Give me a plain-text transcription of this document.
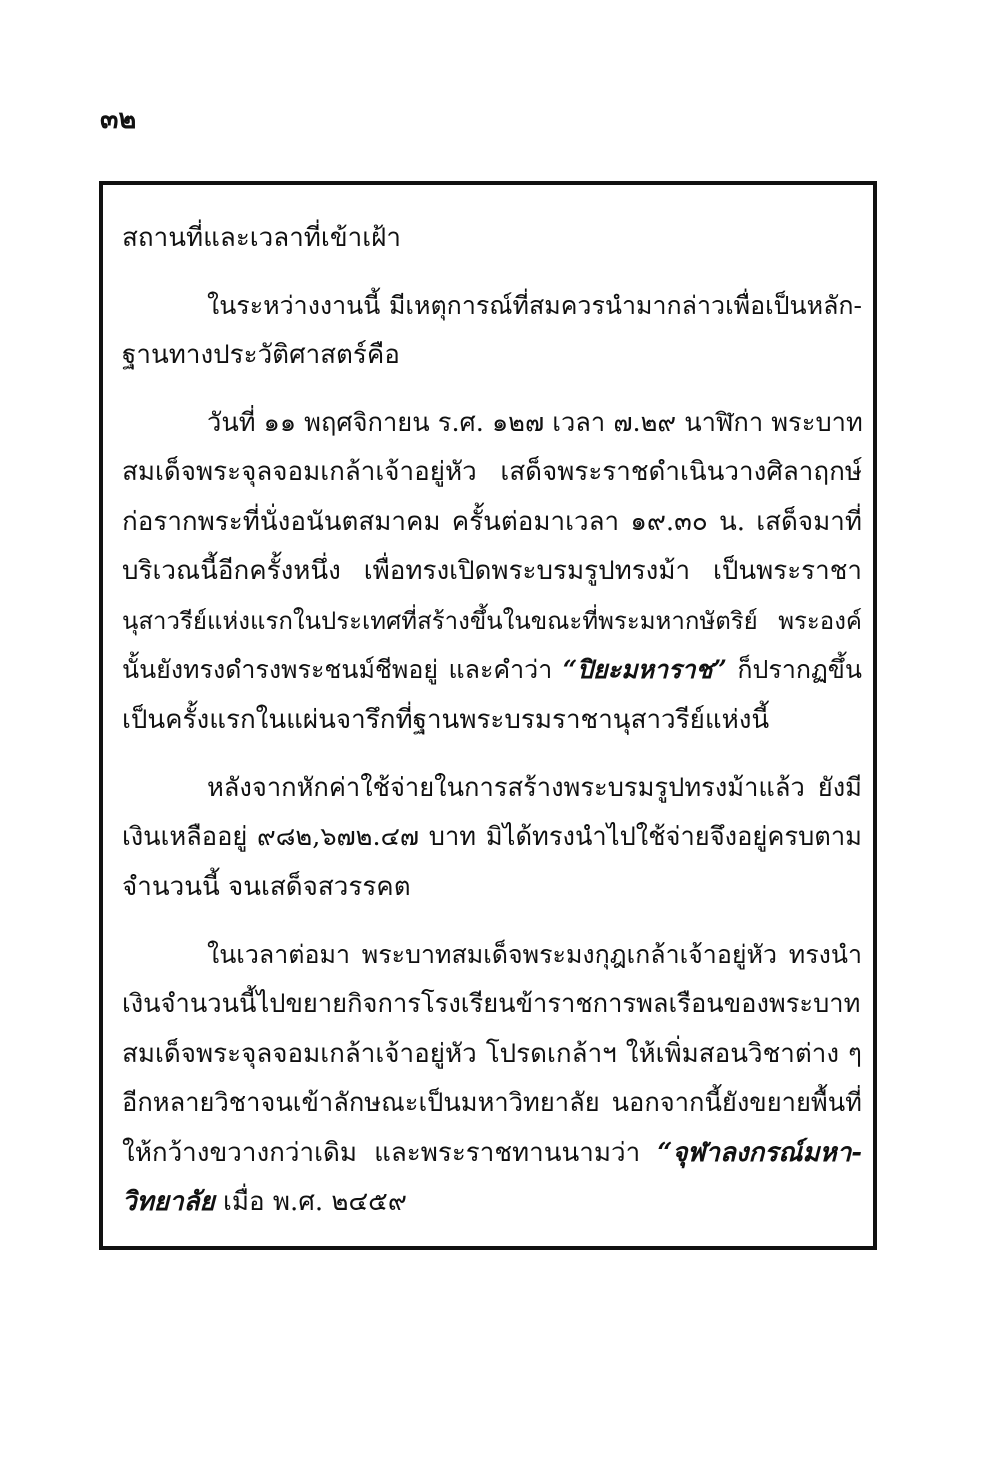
๓๒
สถานที่และเวลาที่เข้าเฝ้า
ในระหว่างงานนี้ มีเหตุการณ์ที่สมควรนำมากล่าวเพื่อเป็นหลัก-
ฐานทางประวัติศาสตร์คือ
วันที่ ๑๑ พฤศจิกายน ร.ศ. ๑๒๗ เวลา ๗.๒๙ นาฬิกา พระบาท
สมเด็จพระจุลจอมเกล้าเจ้าอยู่หัว เสด็จพระราชดำเนินวางศิลาฤกษ์
ก่อรากพระที่นั่งอนันตสมาคม ครั้นต่อมาเวลา ๑๙.๓๐ น. เสด็จมาที่
บริเวณนี้อีกครั้งหนึ่ง เพื่อทรงเปิดพระบรมรูปทรงม้า เป็นพระราชา
นุสาวรีย์แห่งแรกในประเทศที่สร้างขึ้นในขณะที่พระมหากษัตริย์ พระองค์
นั้นยังทรงดำรงพระชนม์ชีพอยู่ และคำว่า “ปิยะมหาราช” ก็ปรากฏขึ้น
เป็นครั้งแรกในแผ่นจารึกที่ฐานพระบรมราชานุสาวรีย์แห่งนี้
หลังจากหักค่าใช้จ่ายในการสร้างพระบรมรูปทรงม้าแล้ว ยังมี
เงินเหลืออยู่ ๙๘๒,๖๗๒.๔๗ บาท มิได้ทรงนำไปใช้จ่ายจึงอยู่ครบตาม
จำนวนนี้ จนเสด็จสวรรคต
ในเวลาต่อมา พระบาทสมเด็จพระมงกุฎเกล้าเจ้าอยู่หัว ทรงนำ
เงินจำนวนนี้ไปขยายกิจการโรงเรียนข้าราชการพลเรือนของพระบาท
สมเด็จพระจุลจอมเกล้าเจ้าอยู่หัว โปรดเกล้าฯ ให้เพิ่มสอนวิชาต่าง ๆ
อีกหลายวิชาจนเข้าลักษณะเป็นมหาวิทยาลัย นอกจากนี้ยังขยายพื้นที่
ให้กว้างขวางกว่าเดิม และพระราชทานนามว่า “จุฬาลงกรณ์มหา-
วิทยาลัย เมื่อ พ.ศ. ๒๔๕๙
